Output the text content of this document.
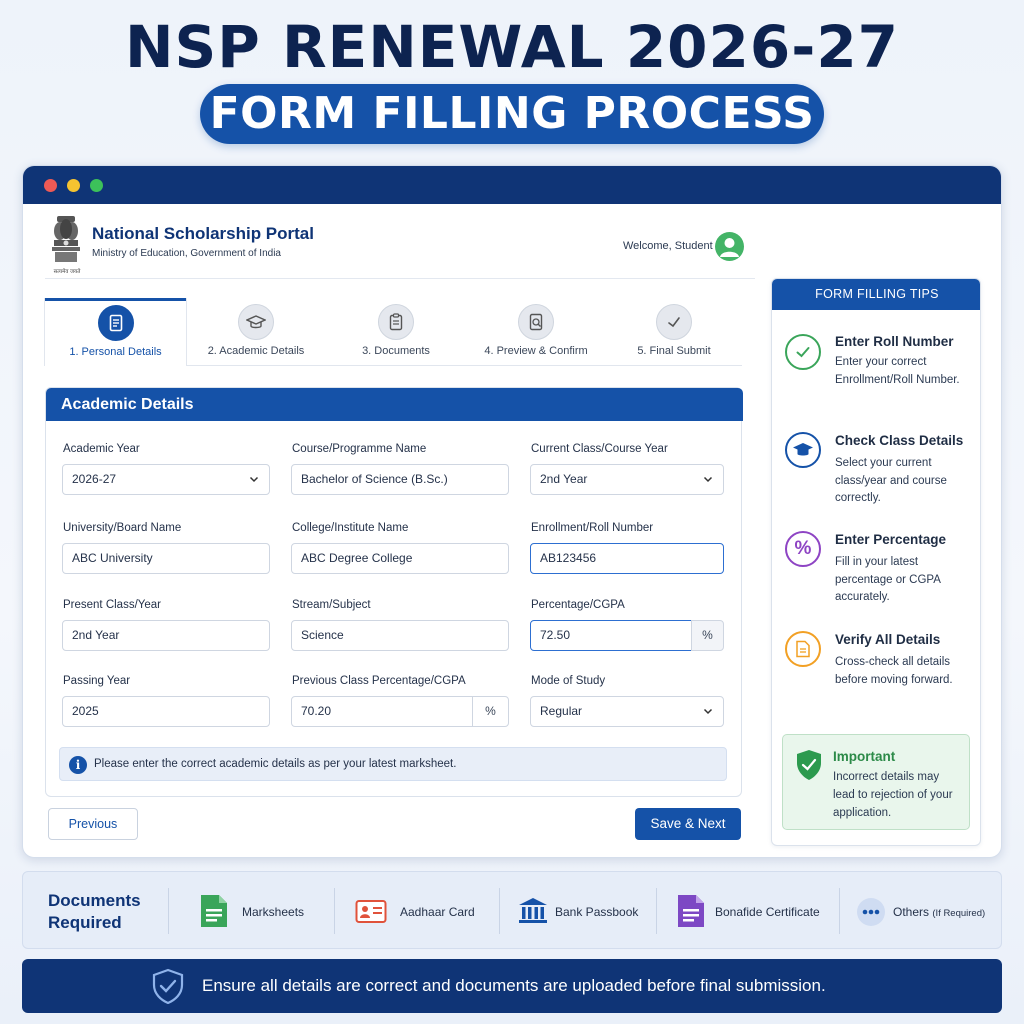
NSP RENEWAL 2026-27
FORM FILLING PROCESS
सत्यमेव जयते
National Scholarship Portal
Ministry of Education, Government of India
Welcome, Student
1. Personal Details	2. Academic Details	3. Documents	4. Preview & Confirm	5. Final Submit
Academic Details
Academic Year
2026-27
Course/Programme Name
Bachelor of Science (B.Sc.)
Current Class/Course Year
2nd Year
University/Board Name
ABC University
College/Institute Name
ABC Degree College
Enrollment/Roll Number
AB123456
Present Class/Year
2nd Year
Stream/Subject
Science
Percentage/CGPA
72.50	%
Passing Year
2025
Previous Class Percentage/CGPA
70.20	%
Mode of Study
Regular
i	Please enter the correct academic details as per your latest marksheet.
Previous	Save & Next
FORM FILLING TIPS
Enter Roll Number
Enter your correct Enrollment/Roll Number.
Check Class Details
Select your current class/year and course correctly.
% Enter Percentage
Fill in your latest percentage or CGPA accurately.
Verify All Details
Cross-check all details before moving forward.
Important
Incorrect details may lead to rejection of your application.
Documents Required
Marksheets	Aadhaar Card	Bank Passbook	Bonafide Certificate	Others (If Required)
Ensure all details are correct and documents are uploaded before final submission.
